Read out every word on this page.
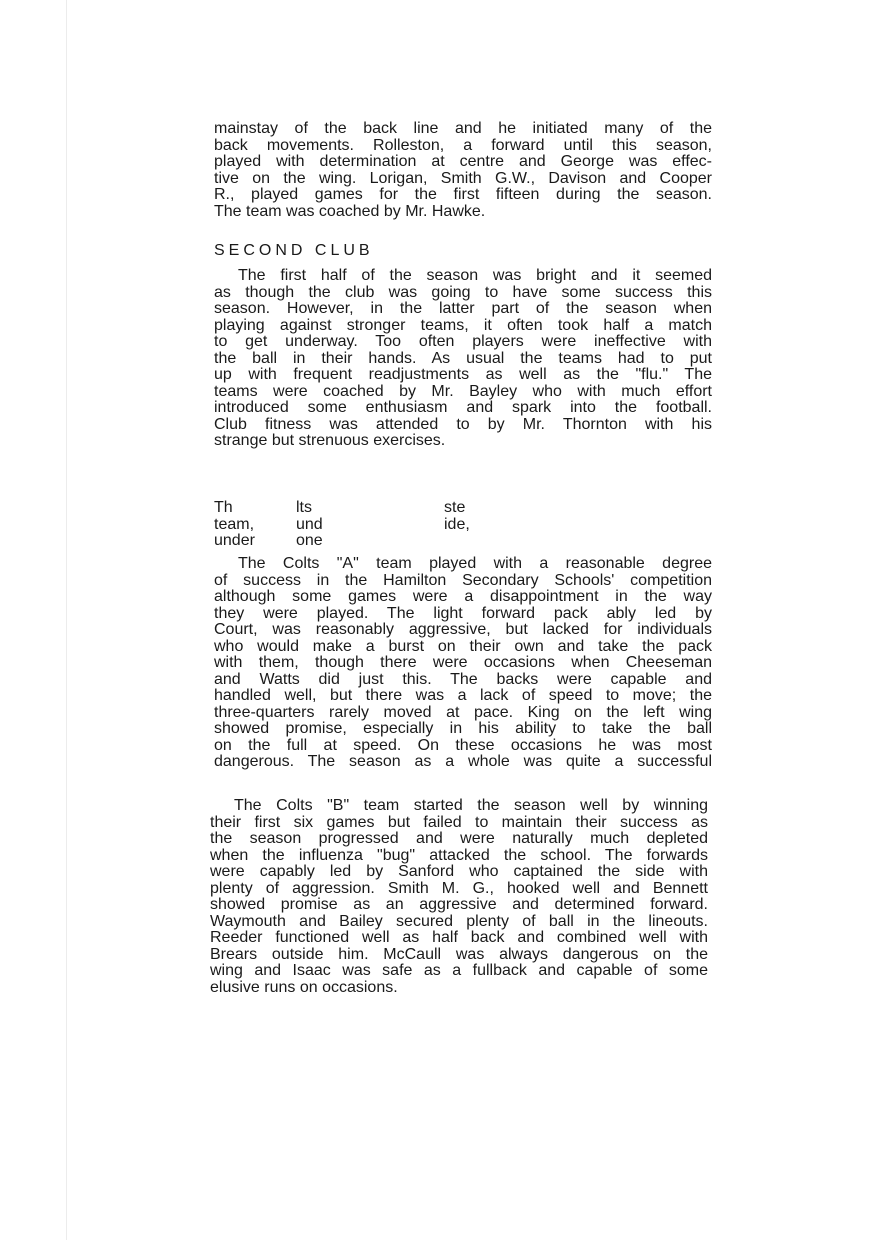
mainstay of the back line and he initiated many of the
back movements. Rolleston, a forward until this season,
played with determination at centre and George was effec-
tive on the wing. Lorigan, Smith G.W., Davison and Cooper
R., played games for the first fifteen during the season.
The team was coached by Mr. Hawke.
SECOND CLUB
The first half of the season was bright and it seemed
as though the club was going to have some success this
season. However, in the latter part of the season when
playing against stronger teams, it often took half a match
to get underway. Too often players were ineffective with
the ball in their hands. As usual the teams had to put
up with frequent readjustments as well as the "flu." The
teams were coached by Mr. Bayley who with much effort
introduced some enthusiasm and spark into the football.
Club fitness was attended to by Mr. Thornton with his
strange but strenuous exercises.
Th	lts	ste
team,	und	ide,
under	one
The Colts "A" team played with a reasonable degree
of success in the Hamilton Secondary Schools' competition
although some games were a disappointment in the way
they were played. The light forward pack ably led by
Court, was reasonably aggressive, but lacked for individuals
who would make a burst on their own and take the pack
with them, though there were occasions when Cheeseman
and Watts did just this. The backs were capable and
handled well, but there was a lack of speed to move; the
three-quarters rarely moved at pace. King on the left wing
showed promise, especially in his ability to take the ball
on the full at speed. On these occasions he was most
dangerous. The season as a whole was quite a successful
The Colts "B" team started the season well by winning
their first six games but failed to maintain their success as
the season progressed and were naturally much depleted
when the influenza "bug" attacked the school. The forwards
were capably led by Sanford who captained the side with
plenty of aggression. Smith M. G., hooked well and Bennett
showed promise as an aggressive and determined forward.
Waymouth and Bailey secured plenty of ball in the lineouts.
Reeder functioned well as half back and combined well with
Brears outside him. McCaull was always dangerous on the
wing and Isaac was safe as a fullback and capable of some
elusive runs on occasions.
